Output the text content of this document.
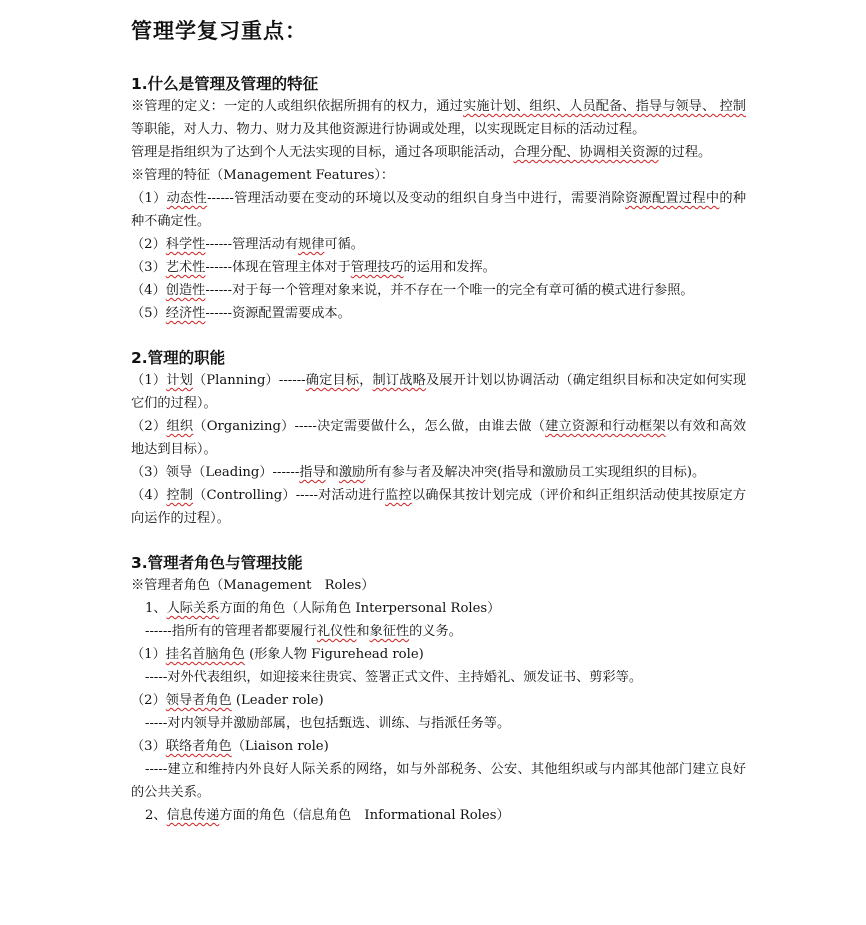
管理学复习重点：
1.什么是管理及管理的特征

※管理的定义：一定的人或组织依据所拥有的权力，通过实施计划、组织、人员配备、指导与领导、 控制等职能，对人力、物力、财力及其他资源进行协调或处理，以实现既定目标的活动过程。

管理是指组织为了达到个人无法实现的目标，通过各项职能活动，合理分配、协调相关资源的过程。

※管理的特征（Management Features）：

（1）动态性------管理活动要在变动的环境以及变动的组织自身当中进行，需要消除资源配置过程中的种种不确定性。

（2）科学性------管理活动有规律可循。

（3）艺术性------体现在管理主体对于管理技巧的运用和发挥。

（4）创造性------对于每一个管理对象来说，并不存在一个唯一的完全有章可循的模式进行参照。

（5）经济性------资源配置需要成本。

2.管理的职能

（1）计划（Planning）------确定目标，制订战略及展开计划以协调活动（确定组织目标和决定如何实现它们的过程）。

（2）组织（Organizing）-----决定需要做什么，怎么做，由谁去做（建立资源和行动框架以有效和高效地达到目标）。

（3）领导（Leading）------指导和激励所有参与者及解决冲突(指导和激励员工实现组织的目标)。

（4）控制（Controlling）-----对活动进行监控以确保其按计划完成（评价和纠正组织活动使其按原定方向运作的过程）。

3.管理者角色与管理技能

※管理者角色（Management　Roles）

1、人际关系方面的角色（人际角色 Interpersonal Roles）

------指所有的管理者都要履行礼仪性和象征性的义务。

（1）挂名首脑角色 (形象人物 Figurehead role)

-----对外代表组织，如迎接来往贵宾、签署正式文件、主持婚礼、颁发证书、剪彩等。

（2）领导者角色 (Leader role)

-----对内领导并激励部属，也包括甄选、训练、与指派任务等。

（3）联络者角色（Liaison role)

-----建立和维持内外良好人际关系的网络，如与外部税务、公安、其他组织或与内部其他部门建立良好的公共关系。

2、信息传递方面的角色（信息角色　Informational Roles）
